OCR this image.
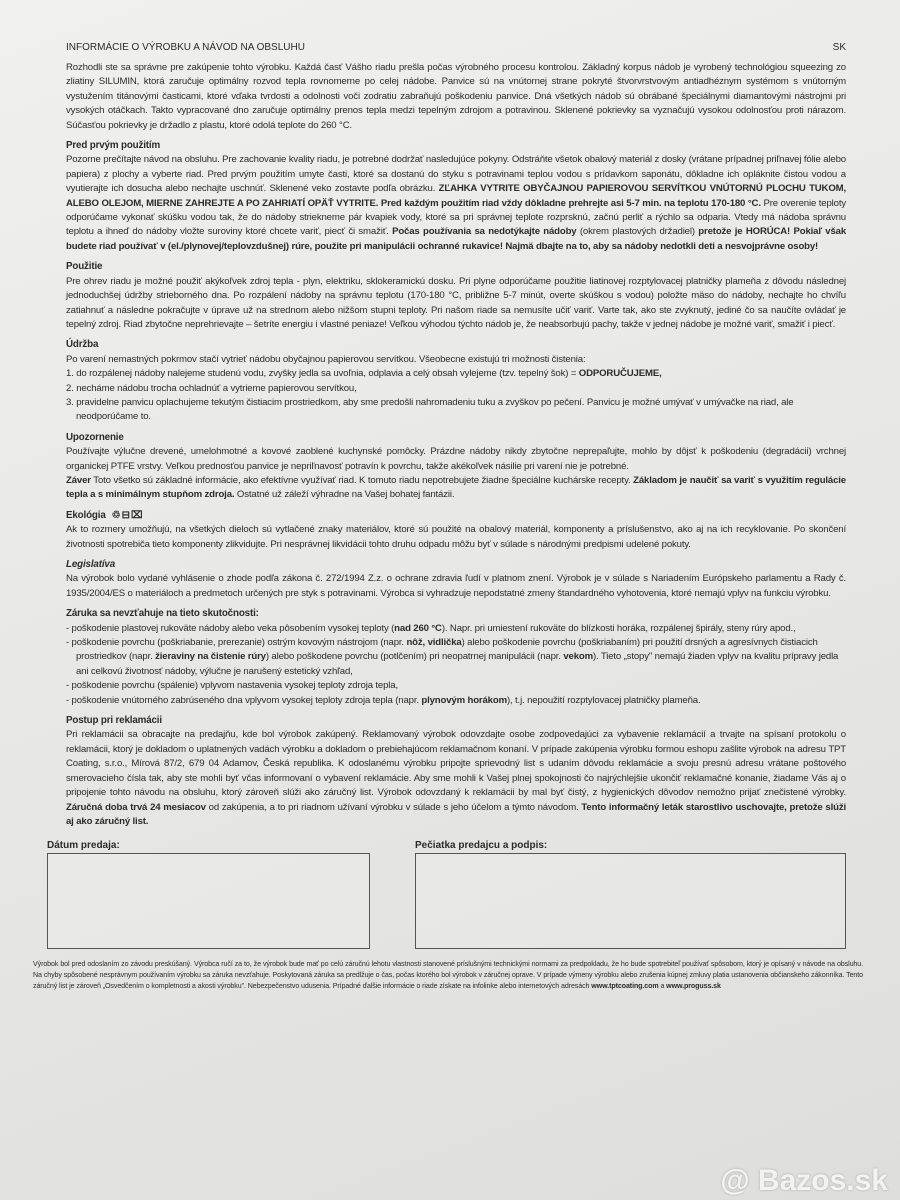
INFORMÁCIE O VÝROBKU A NÁVOD NA OBSLUHU	SK

Rozhodli ste sa správne pre zakúpenie tohto výrobku. Každá časť Vášho riadu prešla počas výrobného procesu kontrolou. Základný korpus nádob je vyrobený technológiou squeezing zo zliatiny SILUMIN, ktorá zaručuje optimálny rozvod tepla rovnomerne po celej nádobe. Panvice sú na vnútornej strane pokryté štvorvrstvovým antiadhéznym systémom s vnútorným vystužením titánovými časticami, ktoré vďaka tvrdosti a odolnosti voči zodratiu zabraňujú poškodeniu panvice. Dná všetkých nádob sú obrábané špeciálnymi diamantovými nástrojmi pri vysokých otáčkach. Takto vypracované dno zaručuje optimálny prenos tepla medzi tepelným zdrojom a potravinou. Sklenené pokrievky sa vyznačujú vysokou odolnosťou proti nárazom. Súčasťou pokrievky je držadlo z plastu, ktoré odolá teplote do 260 °C.

Pred prvým použitím

Pozorne prečítajte návod na obsluhu. Pre zachovanie kvality riadu, je potrebné dodržať nasledujúce pokyny. Odstráňte všetok obalový materiál z dosky (vrátane prípadnej priľnavej fólie alebo papiera) z plochy a vyberte riad. Pred prvým použitím umyte časti, ktoré sa dostanú do styku s potravinami teplou vodou s prídavkom saponátu, dôkladne ich opláknite čistou vodou a vyutierajte ich dosucha alebo nechajte uschnúť. Sklenené veko zostavte podľa obrázku. ZĽAHKA VYTRITE OBYČAJNOU PAPIEROVOU SERVÍTKOU VNÚTORNÚ PLOCHU TUKOM, ALEBO OLEJOM, MIERNE ZAHREJTE A PO ZAHRIATÍ OPÄŤ VYTRITE. Pred každým použitím riad vždy dôkladne prehrejte asi 5-7 min. na teplotu 170-180 °C. Pre overenie teploty odporúčame vykonať skúšku vodou tak, že do nádoby striekneme pár kvapiek vody, ktoré sa pri správnej teplote rozprsknú, začnú perliť a rýchlo sa odparia. Vtedy má nádoba správnu teplotu a ihneď do nádoby vložte suroviny ktoré chcete variť, piecť či smažiť. Počas používania sa nedotýkajte nádoby (okrem plastových držadiel) pretože je HORÚCA! Pokiaľ však budete riad používať v (el./plynovej/teplovzdušnej) rúre, použite pri manipulácii ochranné rukavice! Najmä dbajte na to, aby sa nádoby nedotkli deti a nesvojprávne osoby!

Použitie

Pre ohrev riadu je možné použiť akýkoľvek zdroj tepla - plyn, elektriku, sklokeramickú dosku. Pri plyne odporúčame použitie liatinovej rozptylovacej platničky plameňa z dôvodu následnej jednoduchšej údržby strieborného dna. Po rozpálení nádoby na správnu teplotu (170-180 °C, približne 5-7 minút, overte skúškou s vodou) položte mäso do nádoby, nechajte ho chvíľu zatiahnuť a následne pokračujte v úprave už na strednom alebo nižšom stupni teploty. Pri našom riade sa nemusíte učiť variť. Varte tak, ako ste zvyknutý, jediné čo sa naučíte ovládať je tepelný zdroj. Riad zbytočne neprehrievajte – šetríte energiu i vlastné peniaze! Veľkou výhodou týchto nádob je, že neabsorbujú pachy, takže v jednej nádobe je možné variť, smažiť i piecť.

Údržba

Po varení nemastných pokrmov stačí vytrieť nádobu obyčajnou papierovou servítkou. Všeobecne existujú tri možnosti čistenia:

1. do rozpálenej nádoby nalejeme studenú vodu, zvyšky jedla sa uvoľnia, odplavia a celý obsah vylejeme (tzv. tepelný šok) = ODPORUČUJEME,

2. necháme nádobu trocha ochladnúť a vytrieme papierovou servítkou,

3. pravidelne panvicu oplachujeme tekutým čistiacim prostriedkom, aby sme predošli nahromadeniu tuku a zvyškov po pečení. Panvicu je možné umývať v umývačke na riad, ale neodporúčame to.

Upozornenie

Používajte výlučne drevené, umelohmotné a kovové zaoblené kuchynské pomôcky. Prázdne nádoby nikdy zbytočne neprepaľujte, mohlo by dôjsť k poškodeniu (degradácii) vrchnej organickej PTFE vrstvy. Veľkou prednosťou panvice je nepriľnavosť potravín k povrchu, takže akékoľvek násilie pri varení nie je potrebné.

Záver Toto všetko sú základné informácie, ako efektívne využívať riad. K tomuto riadu nepotrebujete žiadne špeciálne kuchárske recepty. Základom je naučiť sa variť s využitím regulácie tepla a s minimálnym stupňom zdroja. Ostatné už záleží výhradne na Vašej bohatej fantázii.

Ekológia ♲⊟⌧

Ak to rozmery umožňujú, na všetkých dieloch sú vytlačené znaky materiálov, ktoré sú použité na obalový materiál, komponenty a príslušenstvo, ako aj na ich recyklovanie. Po skončení životnosti spotrebiča tieto komponenty zlikvidujte. Pri nesprávnej likvidácii tohto druhu odpadu môžu byť v súlade s národnými predpismi udelené pokuty.

Legislatíva

Na výrobok bolo vydané vyhlásenie o zhode podľa zákona č. 272/1994 Z.z. o ochrane zdravia ľudí v platnom znení. Výrobok je v súlade s Nariadením Európskeho parlamentu a Rady č. 1935/2004/ES o materiáloch a predmetoch určených pre styk s potravinami. Výrobca si vyhradzuje nepodstatné zmeny štandardného vyhotovenia, ktoré nemajú vplyv na funkciu výrobku.

Záruka sa nevzťahuje na tieto skutočnosti:

- poškodenie plastovej rukoväte nádoby alebo veka pôsobením vysokej teploty (nad 260 °C). Napr. pri umiestení rukoväte do blízkosti horáka, rozpálenej špirály, steny rúry apod.,

- poškodenie povrchu (poškriabanie, prerezanie) ostrým kovovým nástrojom (napr. nôž, vidlička) alebo poškodenie povrchu (poškriabaním) pri použití drsných a agresívnych čistiacich prostriedkov (napr. žieraviny na čistenie rúry) alebo poškodene povrchu (potlčením) pri neopatrnej manipulácii (napr. vekom). Tieto „stopy" nemajú žiaden vplyv na kvalitu prípravy jedla ani celkovú životnosť nádoby, výlučne je narušený estetický vzhľad,

- poškodenie povrchu (spálenie) vplyvom nastavenia vysokej teploty zdroja tepla,

- poškodenie vnútorného zabrúseného dna vplyvom vysokej teploty zdroja tepla (napr. plynovým horákom), t.j. nepoužití rozptylovacej platničky plameňa.

Postup pri reklamácii

Pri reklamácii sa obracajte na predajňu, kde bol výrobok zakúpený. Reklamovaný výrobok odovzdajte osobe zodpovedajúci za vybavenie reklamácií a trvajte na spísaní protokolu o reklamácii, ktorý je dokladom o uplatnených vadách výrobku a dokladom o prebiehajúcom reklamačnom konaní. V prípade zakúpenia výrobku formou eshopu zašlite výrobok na adresu TPT Coating, s.r.o., Mírová 87/2, 679 04 Adamov, Česká republika. K odoslanému výrobku pripojte sprievodný list s udaním dôvodu reklamácie a svoju presnú adresu vrátane poštového smerovacieho čísla tak, aby ste mohli byť včas informovaní o vybavení reklamácie. Aby sme mohli k Vašej plnej spokojnosti čo najrýchlejšie ukončiť reklamačné konanie, žiadame Vás aj o pripojenie tohto návodu na obsluhu, ktorý zároveň slúži ako záručný list. Výrobok odovzdaný k reklamácii by mal byť čistý, z hygienických dôvodov nemožno prijať znečistené výrobky. Záručná doba trvá 24 mesiacov od zakúpenia, a to pri riadnom užívaní výrobku v súlade s jeho účelom a týmto návodom. Tento informačný leták starostlivo uschovajte, pretože slúži aj ako záručný list.

Dátum predaja:	Pečiatka predajcu a podpis:
Výrobok bol pred odoslaním zo závodu preskúšaný. Výrobca ručí za to, že výrobok bude mať po celú záručnú lehotu vlastnosti stanovené príslušnými technickými normami za predpokladu, že ho bude spotrebiteľ používať spôsobom, ktorý je opísaný v návode na obsluhu. Na chyby spôsobené nesprávnym používaním výrobku sa záruka nevzťahuje. Poskytovaná záruka sa predlžuje o čas, počas ktorého bol výrobok v záručnej oprave. V prípade výmeny výrobku alebo zrušenia kúpnej zmluvy platia ustanovenia občianskeho zákonníka. Tento záručný list je zároveň „Osvedčením o kompletnosti a akosti výrobku". Nebezpečenstvo udusenia. Prípadné ďalšie informácie o riade získate na infolinke alebo internetových adresách www.tptcoating.com a www.proguss.sk
@ Bazos.sk
